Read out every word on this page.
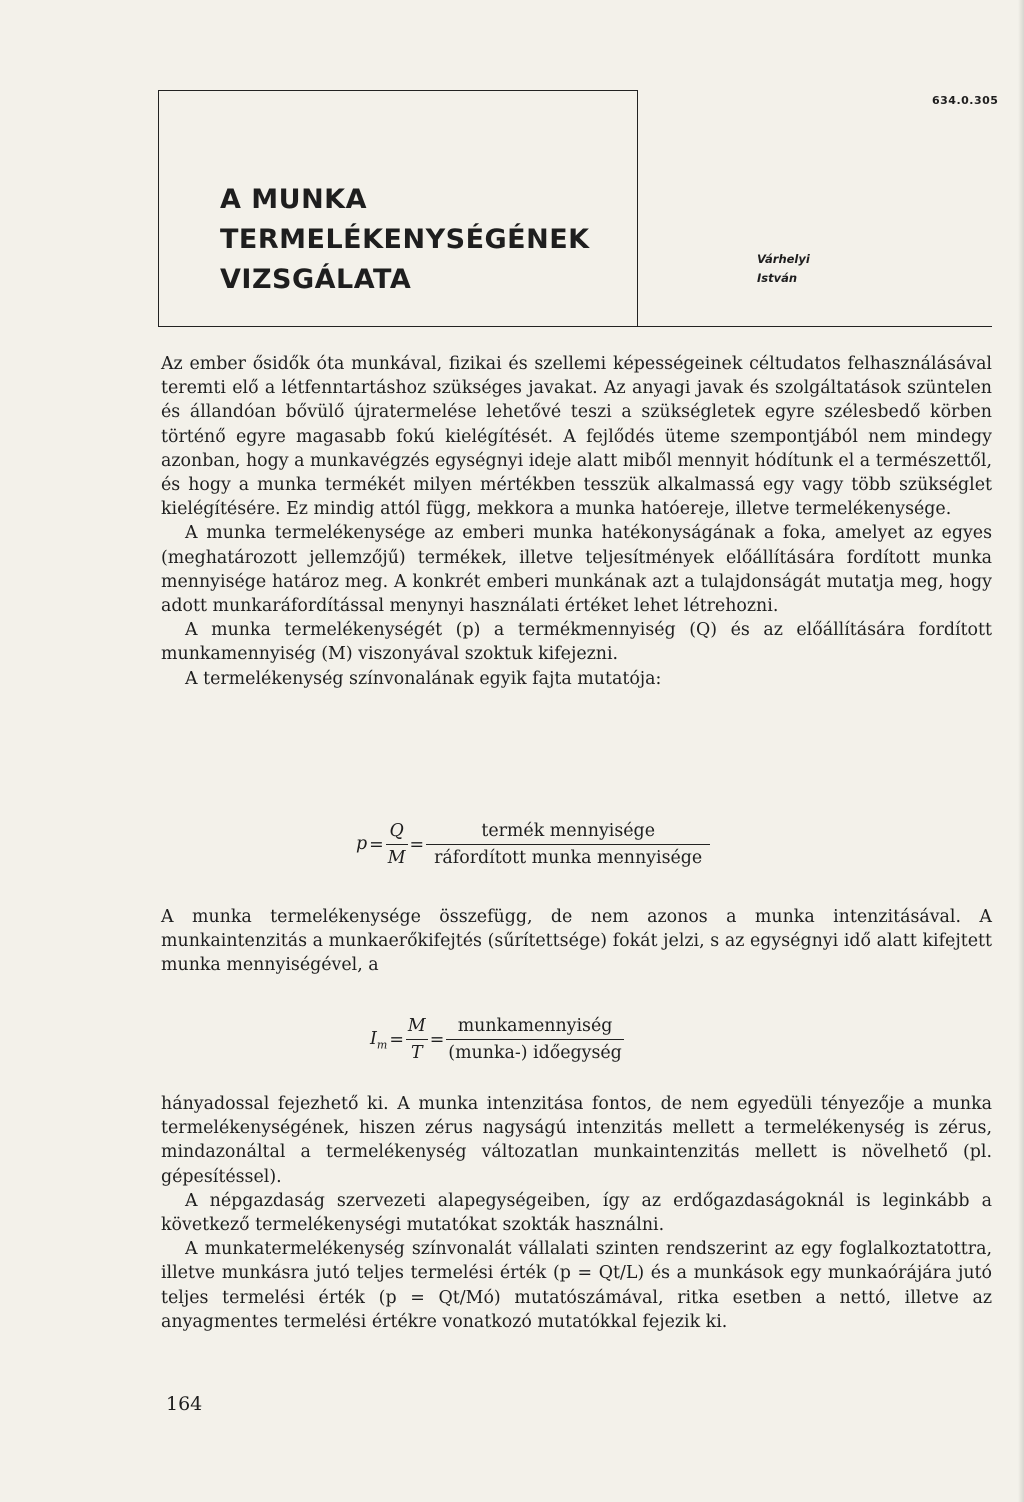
634.0.305
A MUNKA
TERMELÉKENYSÉGÉNEK
VIZSGÁLATA
Várhelyi
István

Az ember ősidők óta munkával, fizikai és szellemi képességeinek céltudatos felhasználásával teremti elő a létfenntartáshoz szükséges javakat. Az anyagi javak és szolgáltatások szüntelen és állandóan bővülő újratermelése lehetővé teszi a szükségletek egyre szélesbedő körben történő egyre magasabb fokú kielégítését. A fejlődés üteme szempontjából nem mindegy azonban, hogy a munkavégzés egységnyi ideje alatt miből mennyit hódítunk el a természettől, és hogy a munka termékét milyen mértékben tesszük alkalmassá egy vagy több szükséglet kielégítésére. Ez mindig attól függ, mekkora a munka hatóereje, illetve termelékenysége.

A munka termelékenysége az emberi munka hatékonyságának a foka, amelyet az egyes (meghatározott jellemzőjű) termékek, illetve teljesítmények előállítására fordított munka mennyisége határoz meg. A konkrét emberi munkának azt a tulajdonságát mutatja meg, hogy adott munkaráfordítással menynyi használati értéket lehet létrehozni.

A munka termelékenységét (p) a termékmennyiség (Q) és az előállítására fordított munkamennyiség (M) viszonyával szoktuk kifejezni.

A termelékenység színvonalának egyik fajta mutatója:

$p = \frac{Q}{M} = \frac{\text{termék mennyisége}}{\text{ráfordított munka mennyisége}}$

A munka termelékenysége összefügg, de nem azonos a munka intenzitásával. A munkaintenzitás a munkaerőkifejtés (sűrítettsége) fokát jelzi, s az egységnyi idő alatt kifejtett munka mennyiségével, a

$I_m = \frac{M}{T} = \frac{\text{munkamennyiség}}{\text{(munka-) időegység}}$

hányadossal fejezhető ki. A munka intenzitása fontos, de nem egyedüli tényezője a munka termelékenységének, hiszen zérus nagyságú intenzitás mellett a termelékenység is zérus, mindazonáltal a termelékenység változatlan munkaintenzitás mellett is növelhető (pl. gépesítéssel).

A népgazdaság szervezeti alapegységeiben, így az erdőgazdaságoknál is leginkább a következő termelékenységi mutatókat szokták használni.

A munkatermelékenység színvonalát vállalati szinten rendszerint az egy foglalkoztatottra, illetve munkásra jutó teljes termelési érték (p = Qt/L) és a munkások egy munkaórájára jutó teljes termelési érték (p = Qt/Mó) mutatószámával, ritka esetben a nettó, illetve az anyagmentes termelési értékre vonatkozó mutatókkal fejezik ki.

164
